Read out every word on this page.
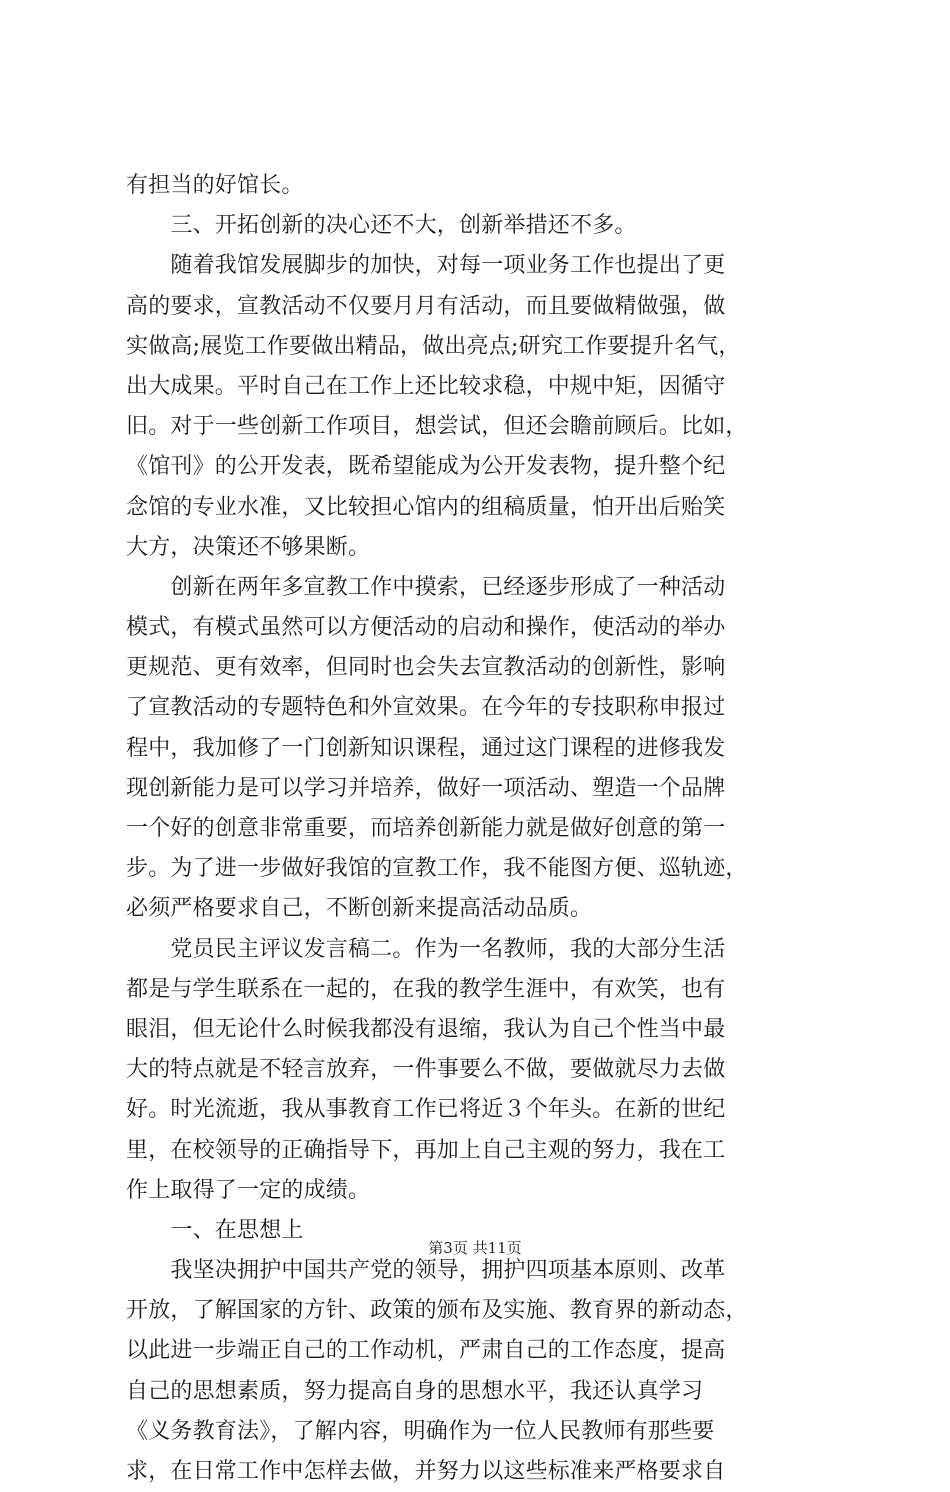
有担当的好馆长。
　　三、开拓创新的决心还不大，创新举措还不多。
　　随着我馆发展脚步的加快，对每一项业务工作也提出了更
高的要求，宣教活动不仅要月月有活动，而且要做精做强，做
实做高;展览工作要做出精品，做出亮点;研究工作要提升名气，
出大成果。平时自己在工作上还比较求稳，中规中矩，因循守
旧。对于一些创新工作项目，想尝试，但还会瞻前顾后。比如，
《馆刊》的公开发表，既希望能成为公开发表物，提升整个纪
念馆的专业水准，又比较担心馆内的组稿质量，怕开出后贻笑
大方，决策还不够果断。
　　创新在两年多宣教工作中摸索，已经逐步形成了一种活动
模式，有模式虽然可以方便活动的启动和操作，使活动的举办
更规范、更有效率，但同时也会失去宣教活动的创新性，影响
了宣教活动的专题特色和外宣效果。在今年的专技职称申报过
程中，我加修了一门创新知识课程，通过这门课程的进修我发
现创新能力是可以学习并培养，做好一项活动、塑造一个品牌
一个好的创意非常重要，而培养创新能力就是做好创意的第一
步。为了进一步做好我馆的宣教工作，我不能图方便、巡轨迹，
必须严格要求自己，不断创新来提高活动品质。
　　党员民主评议发言稿二。作为一名教师，我的大部分生活
都是与学生联系在一起的，在我的教学生涯中，有欢笑，也有
眼泪，但无论什么时候我都没有退缩，我认为自己个性当中最
大的特点就是不轻言放弃，一件事要么不做，要做就尽力去做
好。时光流逝，我从事教育工作已将近３个年头。在新的世纪
里，在校领导的正确指导下，再加上自己主观的努力，我在工
作上取得了一定的成绩。
　　一、在思想上
　　我坚决拥护中国共产党的领导，拥护四项基本原则、改革
开放，了解国家的方针、政策的颁布及实施、教育界的新动态，
以此进一步端正自己的工作动机，严肃自己的工作态度，提高
自己的思想素质，努力提高自身的思想水平，我还认真学习
《义务教育法》，了解内容，明确作为一位人民教师有那些要
求，在日常工作中怎样去做，并努力以这些标准来严格要求自
第3页 共11页
